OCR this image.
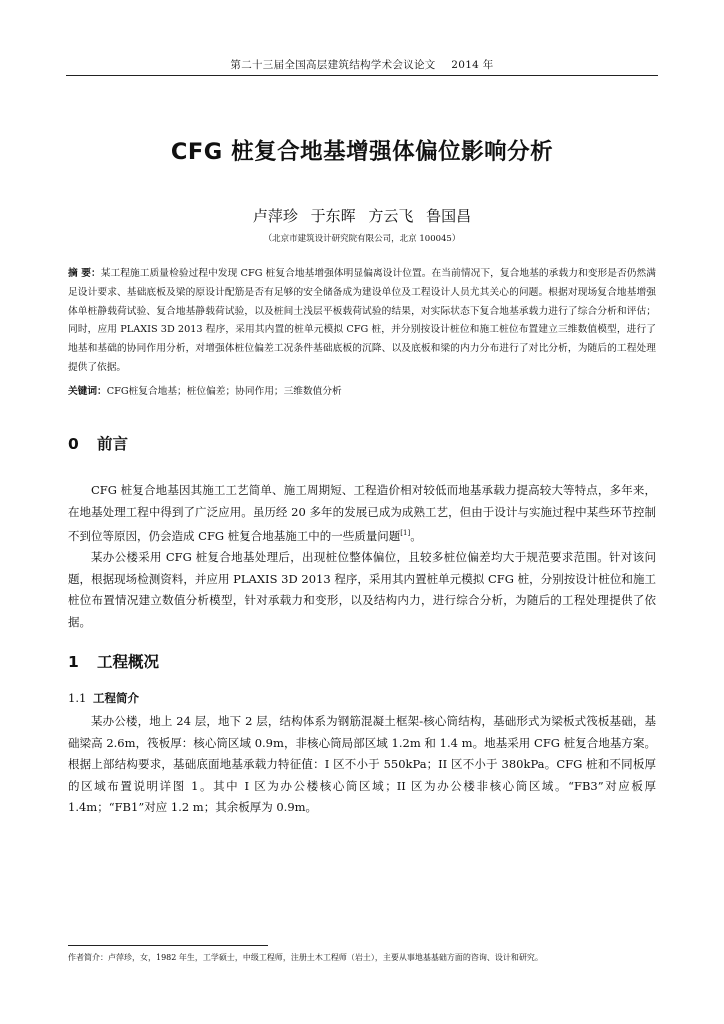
第二十三届全国高层建筑结构学术会议论文 2014 年
CFG 桩复合地基增强体偏位影响分析
卢萍珍 于东晖 方云飞 鲁国昌
（北京市建筑设计研究院有限公司，北京 100045）
摘 要：某工程施工质量检验过程中发现 CFG 桩复合地基增强体明显偏离设计位置。在当前情况下，复合地基的承载力和变形是否仍然满足设计要求、基础底板及梁的原设计配筋是否有足够的安全储备成为建设单位及工程设计人员尤其关心的问题。根据对现场复合地基增强体单桩静载荷试验、复合地基静载荷试验，以及桩间土浅层平板载荷试验的结果，对实际状态下复合地基承载力进行了综合分析和评估；同时，应用 PLAXIS 3D 2013 程序，采用其内置的桩单元模拟 CFG 桩，并分别按设计桩位和施工桩位布置建立三维数值模型，进行了地基和基础的协同作用分析，对增强体桩位偏差工况条件基础底板的沉降、以及底板和梁的内力分布进行了对比分析，为随后的工程处理提供了依据。
关键词：CFG桩复合地基；桩位偏差；协同作用；三维数值分析
0 前言

CFG 桩复合地基因其施工工艺简单、施工周期短、工程造价相对较低而地基承载力提高较大等特点，多年来，在地基处理工程中得到了广泛应用。虽历经 20 多年的发展已成为成熟工艺，但由于设计与实施过程中某些环节控制不到位等原因，仍会造成 CFG 桩复合地基施工中的一些质量问题[1]。

某办公楼采用 CFG 桩复合地基处理后，出现桩位整体偏位，且较多桩位偏差均大于规范要求范围。针对该问题，根据现场检测资料，并应用 PLAXIS 3D 2013 程序，采用其内置桩单元模拟 CFG 桩，分别按设计桩位和施工桩位布置情况建立数值分析模型，针对承载力和变形，以及结构内力，进行综合分析，为随后的工程处理提供了依据。

1 工程概况
1.1 工程简介

某办公楼，地上 24 层，地下 2 层，结构体系为钢筋混凝土框架-核心筒结构，基础形式为梁板式筏板基础，基础梁高 2.6m，筏板厚：核心筒区域 0.9m，非核心筒局部区域 1.2m 和 1.4 m。地基采用 CFG 桩复合地基方案。根据上部结构要求，基础底面地基承载力特征值：I 区不小于 550kPa；II 区不小于 380kPa。CFG 桩和不同板厚的区域布置说明详图 1。其中 I 区为办公楼核心筒区域；II 区为办公楼非核心筒区域。“FB3”对应板厚 1.4m；“FB1”对应 1.2 m；其余板厚为 0.9m。

作者简介：卢萍珍，女，1982 年生，工学硕士，中级工程师，注册土木工程师（岩土），主要从事地基基础方面的咨询、设计和研究。
